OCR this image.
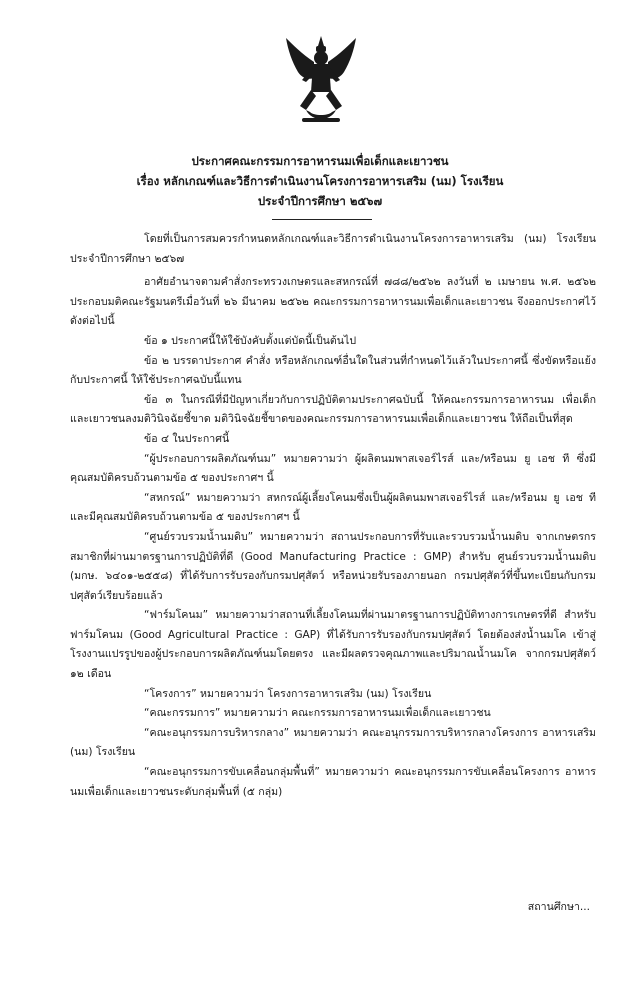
ประกาศคณะกรรมการอาหารนมเพื่อเด็กและเยาวชน
เรื่อง หลักเกณฑ์และวิธีการดำเนินงานโครงการอาหารเสริม (นม) โรงเรียน
ประจำปีการศึกษา ๒๕๖๗

โดยที่เป็นการสมควรกำหนดหลักเกณฑ์และวิธีการดำเนินงานโครงการอาหารเสริม (นม) โรงเรียน ประจำปีการศึกษา ๒๕๖๗

อาศัยอำนาจตามคำสั่งกระทรวงเกษตรและสหกรณ์ที่ ๗๘๘/๒๕๖๒ ลงวันที่ ๒ เมษายน พ.ศ. ๒๕๖๒ ประกอบมติคณะรัฐมนตรีเมื่อวันที่ ๒๖ มีนาคม ๒๕๖๒ คณะกรรมการอาหารนมเพื่อเด็กและเยาวชน จึงออกประกาศไว้ ดังต่อไปนี้

ข้อ ๑ ประกาศนี้ให้ใช้บังคับตั้งแต่บัดนี้เป็นต้นไป

ข้อ ๒ บรรดาประกาศ คำสั่ง หรือหลักเกณฑ์อื่นใดในส่วนที่กำหนดไว้แล้วในประกาศนี้ ซึ่งขัดหรือแย้งกับประกาศนี้ ให้ใช้ประกาศฉบับนี้แทน

ข้อ ๓ ในกรณีที่มีปัญหาเกี่ยวกับการปฏิบัติตามประกาศฉบับนี้ ให้คณะกรรมการอาหารนม เพื่อเด็กและเยาวชนลงมติวินิจฉัยชี้ขาด มติวินิจฉัยชี้ขาดของคณะกรรมการอาหารนมเพื่อเด็กและเยาวชน ให้ถือเป็นที่สุด

ข้อ ๔ ในประกาศนี้

“ผู้ประกอบการผลิตภัณฑ์นม” หมายความว่า ผู้ผลิตนมพาสเจอร์ไรส์ และ/หรือนม ยู เอช ที ซึ่งมีคุณสมบัติครบถ้วนตามข้อ ๕ ของประกาศฯ นี้

“สหกรณ์” หมายความว่า สหกรณ์ผู้เลี้ยงโคนมซึ่งเป็นผู้ผลิตนมพาสเจอร์ไรส์ และ/หรือนม ยู เอช ที และมีคุณสมบัติครบถ้วนตามข้อ ๕ ของประกาศฯ นี้

“ศูนย์รวบรวมน้ำนมดิบ” หมายความว่า สถานประกอบการที่รับและรวบรวมน้ำนมดิบ จากเกษตรกรสมาชิกที่ผ่านมาตรฐานการปฏิบัติที่ดี (Good Manufacturing Practice : GMP) สำหรับ ศูนย์รวบรวมน้ำนมดิบ (มกษ. ๖๔๐๑-๒๕๕๘) ที่ได้รับการรับรองกับกรมปศุสัตว์ หรือหน่วยรับรองภายนอก กรมปศุสัตว์ที่ขึ้นทะเบียนกับกรมปศุสัตว์เรียบร้อยแล้ว

“ฟาร์มโคนม” หมายความว่าสถานที่เลี้ยงโคนมที่ผ่านมาตรฐานการปฏิบัติทางการเกษตรที่ดี สำหรับฟาร์มโคนม (Good Agricultural Practice : GAP) ที่ได้รับการรับรองกับกรมปศุสัตว์ โดยต้องส่งน้ำนมโค เข้าสู่โรงงานแปรรูปของผู้ประกอบการผลิตภัณฑ์นมโดยตรง และมีผลตรวจคุณภาพและปริมาณน้ำนมโค จากกรมปศุสัตว์ ๑๒ เดือน

“โครงการ” หมายความว่า โครงการอาหารเสริม (นม) โรงเรียน

“คณะกรรมการ” หมายความว่า คณะกรรมการอาหารนมเพื่อเด็กและเยาวชน

“คณะอนุกรรมการบริหารกลาง” หมายความว่า คณะอนุกรรมการบริหารกลางโครงการ อาหารเสริม (นม) โรงเรียน

“คณะอนุกรรมการขับเคลื่อนกลุ่มพื้นที่” หมายความว่า คณะอนุกรรมการขับเคลื่อนโครงการ อาหารนมเพื่อเด็กและเยาวชนระดับกลุ่มพื้นที่ (๕ กลุ่ม)

สถานศึกษา...
